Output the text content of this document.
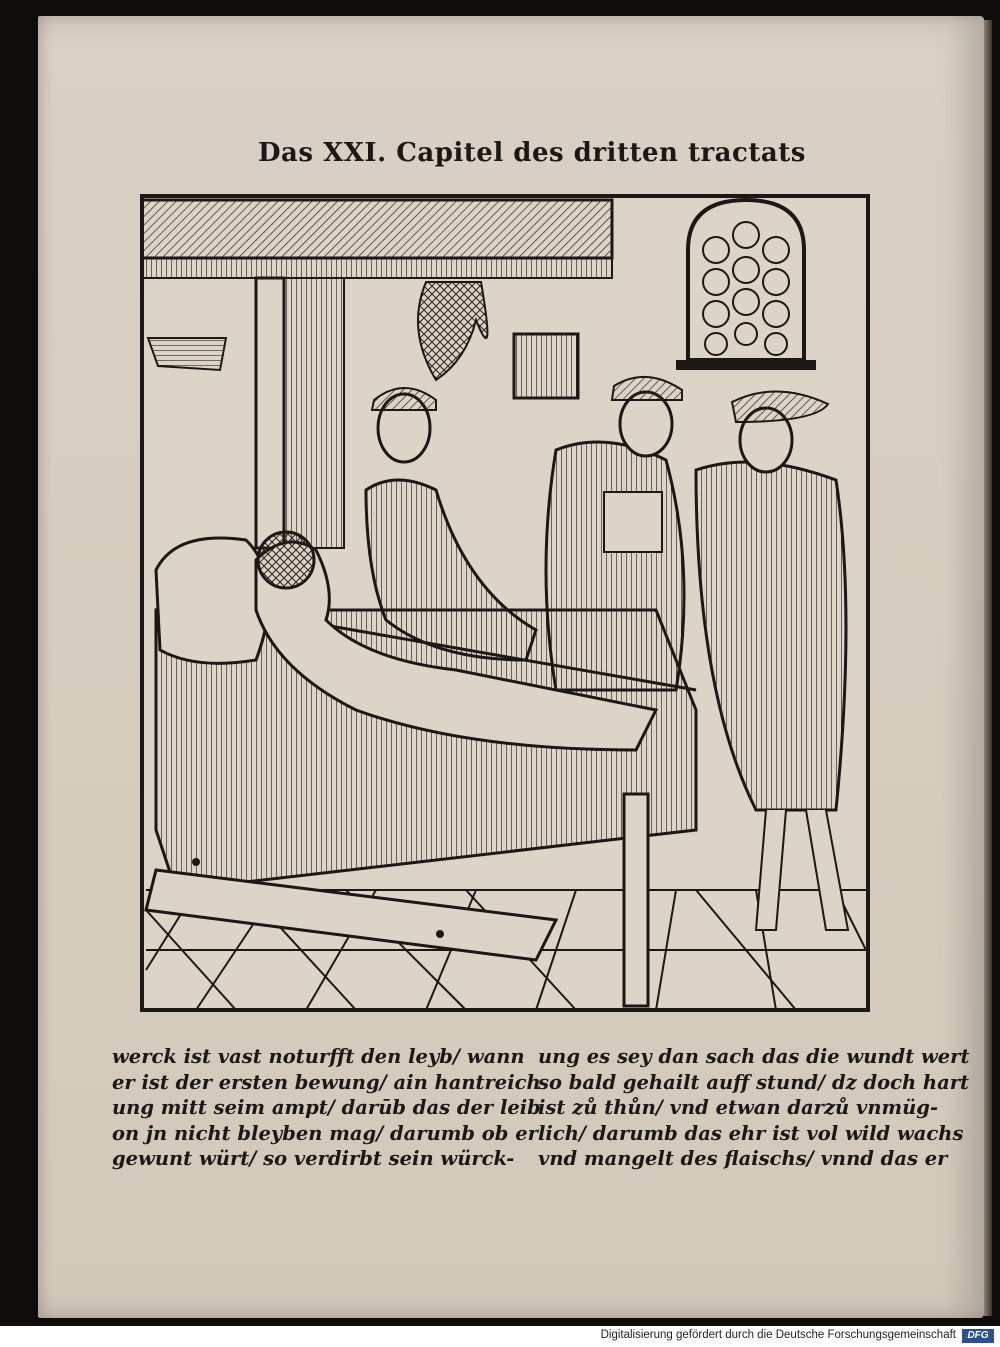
Das XXI. Capitel des dritten tractats
werck ist vast noturfft den leyb/ wann
er ist der ersten bewung/ ain hantreich
ung mitt seim ampt/ darūb das der leib
on jn nicht bleyben mag/ darumb ob er
gewunt würt/ so verdirbt sein würck-
ung es sey dan sach das die wundt wert
so bald gehailt auff stund/ dz doch hart
ist zů thůn/ vnd etwan darzů vnmüg-
lich/ darumb das ehr ist vol wild wachs
vnd mangelt des flaischs/ vnnd das er
Digitalisierung gefördert durch die Deutsche Forschungsgemeinschaft	DFG
